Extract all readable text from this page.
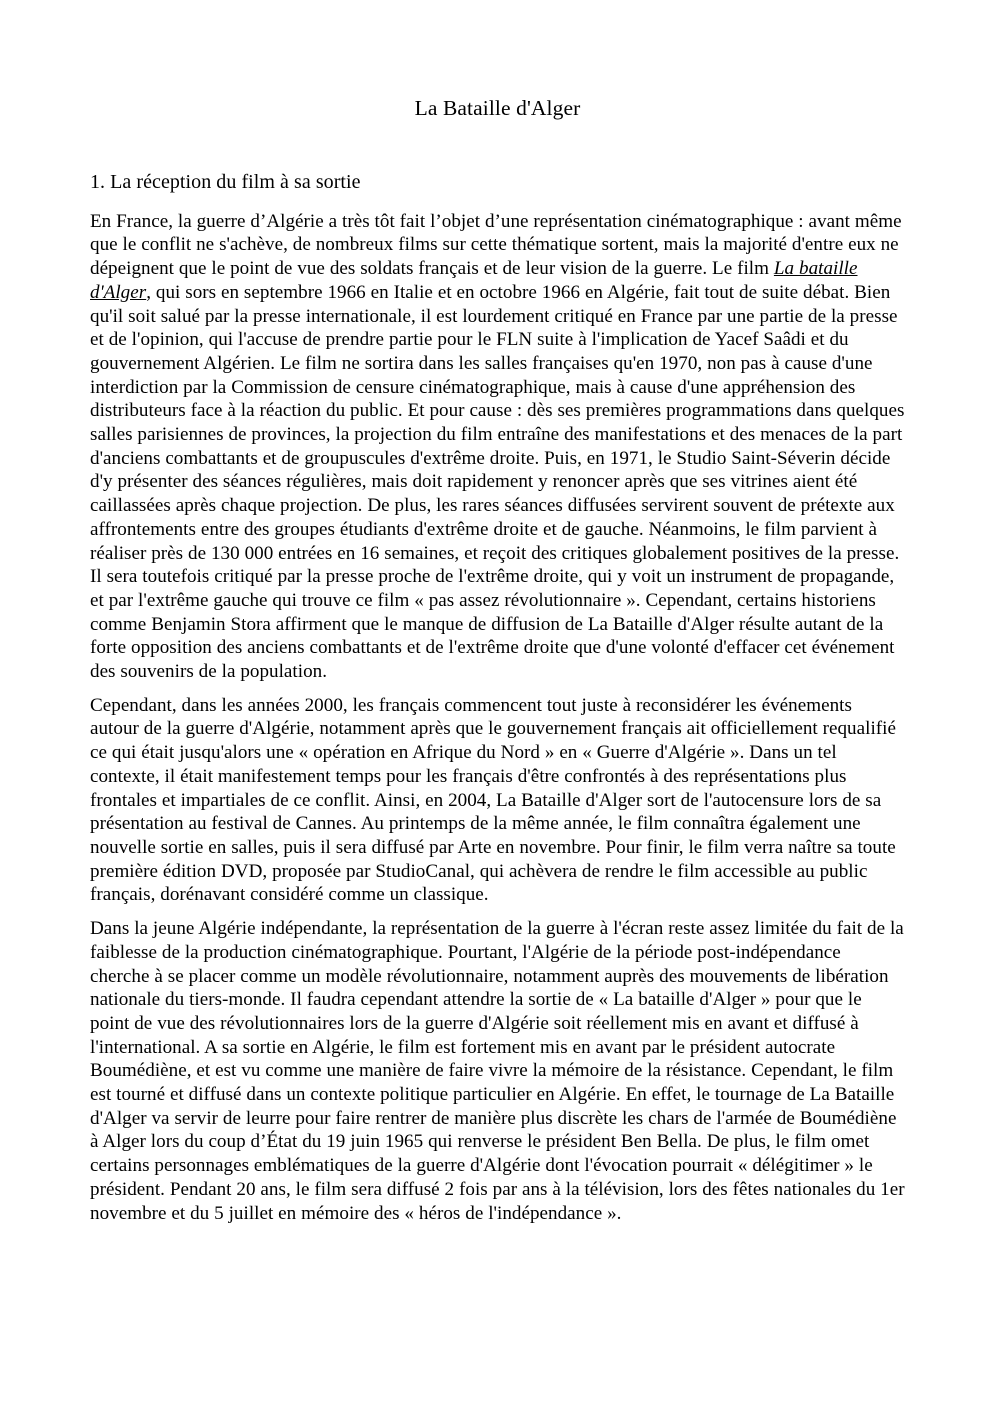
La Bataille d'Alger
1. La réception du film à sa sortie

En France, la guerre d’Algérie a très tôt fait l’objet d’une représentation cinématographique : avant même que le conflit ne s'achève, de nombreux films sur cette thématique sortent, mais la majorité d'entre eux ne dépeignent que le point de vue des soldats français et de leur vision de la guerre. Le film La bataille d'Alger, qui sors en septembre 1966 en Italie et en octobre 1966 en Algérie, fait tout de suite débat. Bien qu'il soit salué par la presse internationale, il est lourdement critiqué en France par une partie de la presse et de l'opinion, qui l'accuse de prendre partie pour le FLN suite à l'implication de Yacef Saâdi et du gouvernement Algérien. Le film ne sortira dans les salles françaises qu'en 1970, non pas à cause d'une interdiction par la Commission de censure cinématographique, mais à cause d'une appréhension des distributeurs face à la réaction du public. Et pour cause : dès ses premières programmations dans quelques salles parisiennes de provinces, la projection du film entraîne des manifestations et des menaces de la part d'anciens combattants et de groupuscules d'extrême droite. Puis, en 1971, le Studio Saint-Séverin décide d'y présenter des séances régulières, mais doit rapidement y renoncer après que ses vitrines aient été caillassées après chaque projection. De plus, les rares séances diffusées servirent souvent de prétexte aux affrontements entre des groupes étudiants d'extrême droite et de gauche. Néanmoins, le film parvient à réaliser près de 130 000 entrées en 16 semaines, et reçoit des critiques globalement positives de la presse. Il sera toutefois critiqué par la presse proche de l'extrême droite, qui y voit un instrument de propagande, et par l'extrême gauche qui trouve ce film « pas assez révolutionnaire ». Cependant, certains historiens comme Benjamin Stora affirment que le manque de diffusion de La Bataille d'Alger résulte autant de la forte opposition des anciens combattants et de l'extrême droite que d'une volonté d'effacer cet événement des souvenirs de la population.

Cependant, dans les années 2000, les français commencent tout juste à reconsidérer les événements autour de la guerre d'Algérie, notamment après que le gouvernement français ait officiellement requalifié ce qui était jusqu'alors une « opération en Afrique du Nord » en « Guerre d'Algérie ». Dans un tel contexte, il était manifestement temps pour les français d'être confrontés à des représentations plus frontales et impartiales de ce conflit. Ainsi, en 2004, La Bataille d'Alger sort de l'autocensure lors de sa présentation au festival de Cannes. Au printemps de la même année, le film connaîtra également une nouvelle sortie en salles, puis il sera diffusé par Arte en novembre. Pour finir, le film verra naître sa toute première édition DVD, proposée par StudioCanal, qui achèvera de rendre le film accessible au public français, dorénavant considéré comme un classique.

Dans la jeune Algérie indépendante, la représentation de la guerre à l'écran reste assez limitée du fait de la faiblesse de la production cinématographique. Pourtant, l'Algérie de la période post-indépendance cherche à se placer comme un modèle révolutionnaire, notamment auprès des mouvements de libération nationale du tiers-monde. Il faudra cependant attendre la sortie de « La bataille d'Alger » pour que le point de vue des révolutionnaires lors de la guerre d'Algérie soit réellement mis en avant et diffusé à l'international. A sa sortie en Algérie, le film est fortement mis en avant par le président autocrate Boumédiène, et est vu comme une manière de faire vivre la mémoire de la résistance. Cependant, le film est tourné et diffusé dans un contexte politique particulier en Algérie. En effet, le tournage de La Bataille d'Alger va servir de leurre pour faire rentrer de manière plus discrète les chars de l'armée de Boumédiène à Alger lors du coup d’État du 19 juin 1965 qui renverse le président Ben Bella. De plus, le film omet certains personnages emblématiques de la guerre d'Algérie dont l'évocation pourrait « délégitimer » le président. Pendant 20 ans, le film sera diffusé 2 fois par ans à la télévision, lors des fêtes nationales du 1er novembre et du 5 juillet en mémoire des « héros de l'indépendance ».
